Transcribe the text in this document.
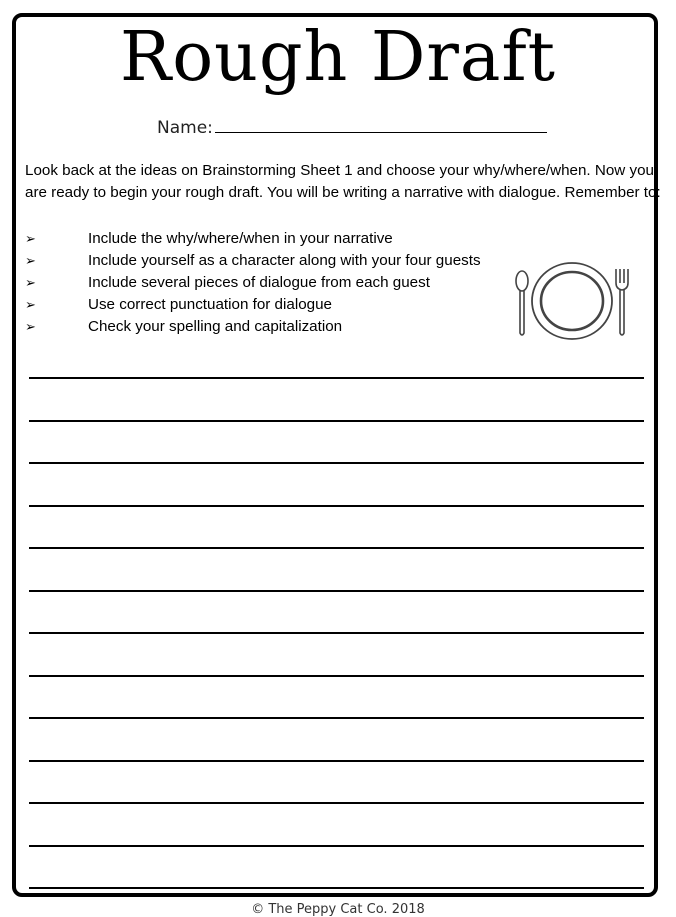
Rough Draft
Name:
Look back at the ideas on Brainstorming Sheet 1 and choose your why/where/when. Now you are ready to begin your rough draft. You will be writing a narrative with dialogue. Remember to:
➢	Include the why/where/when in your narrative
➢	Include yourself as a character along with your four guests
➢	Include several pieces of dialogue from each guest
➢	Use correct punctuation for dialogue
➢	Check your spelling and capitalization
© The Peppy Cat Co. 2018
